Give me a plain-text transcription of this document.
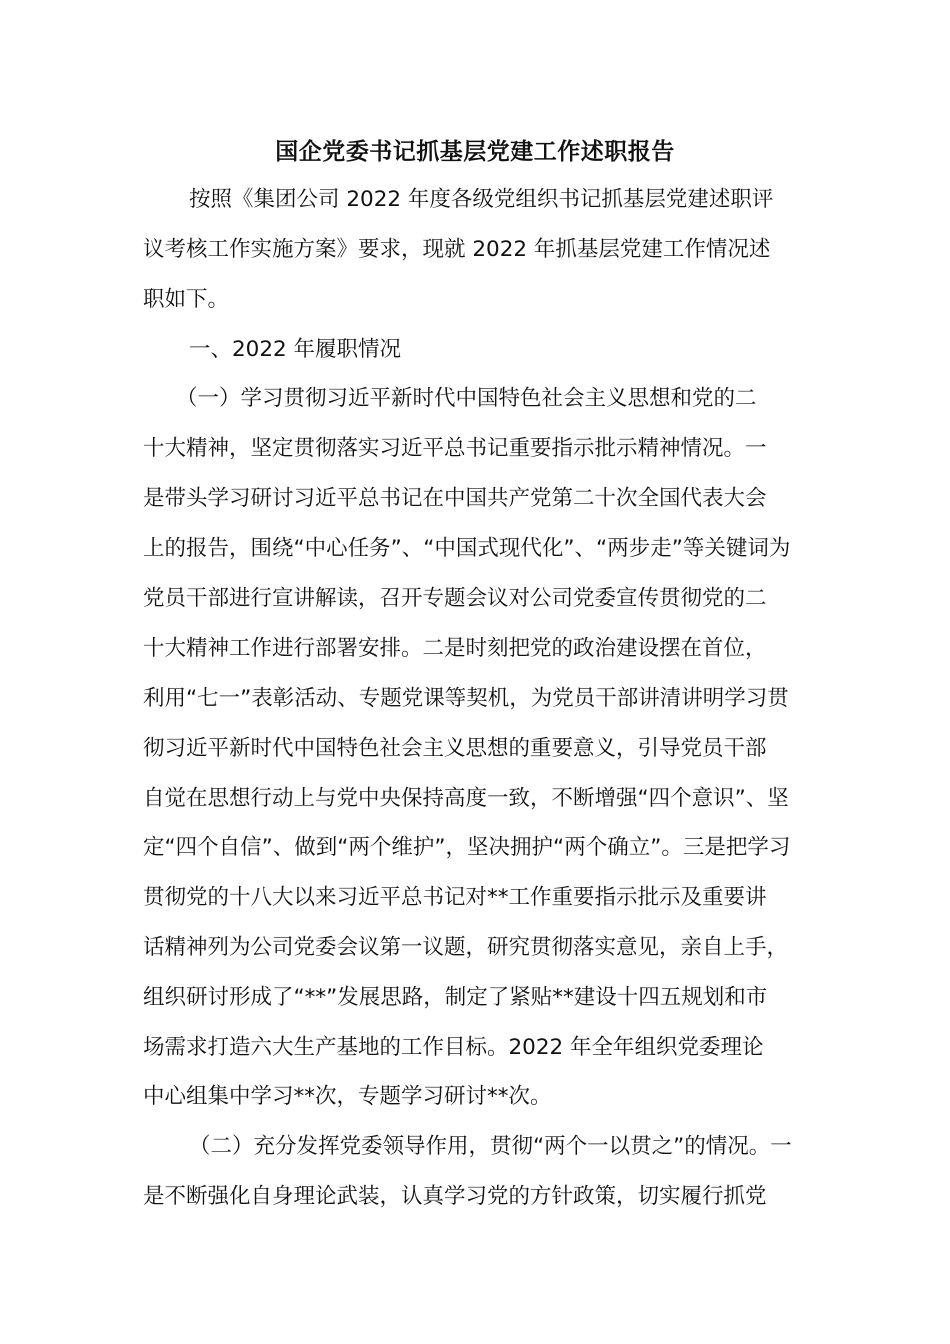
国企党委书记抓基层党建工作述职报告
按照《集团公司 2022 年度各级党组织书记抓基层党建述职评
议考核工作实施方案》要求，现就 2022 年抓基层党建工作情况述
职如下。
一、2022 年履职情况
（一）学习贯彻习近平新时代中国特色社会主义思想和党的二
十大精神，坚定贯彻落实习近平总书记重要指示批示精神情况。一
是带头学习研讨习近平总书记在中国共产党第二十次全国代表大会
上的报告，围绕“中心任务”、“中国式现代化”、“两步走”等关键词为
党员干部进行宣讲解读，召开专题会议对公司党委宣传贯彻党的二
十大精神工作进行部署安排。二是时刻把党的政治建设摆在首位，
利用“七一”表彰活动、专题党课等契机，为党员干部讲清讲明学习贯
彻习近平新时代中国特色社会主义思想的重要意义，引导党员干部
自觉在思想行动上与党中央保持高度一致，不断增强“四个意识”、坚
定“四个自信”、做到“两个维护”，坚决拥护“两个确立”。三是把学习
贯彻党的十八大以来习近平总书记对**工作重要指示批示及重要讲
话精神列为公司党委会议第一议题，研究贯彻落实意见，亲自上手，
组织研讨形成了“**”发展思路，制定了紧贴**建设十四五规划和市
场需求打造六大生产基地的工作目标。2022 年全年组织党委理论
中心组集中学习**次，专题学习研讨**次。
（二）充分发挥党委领导作用，贯彻“两个一以贯之”的情况。一
是不断强化自身理论武装，认真学习党的方针政策，切实履行抓党
